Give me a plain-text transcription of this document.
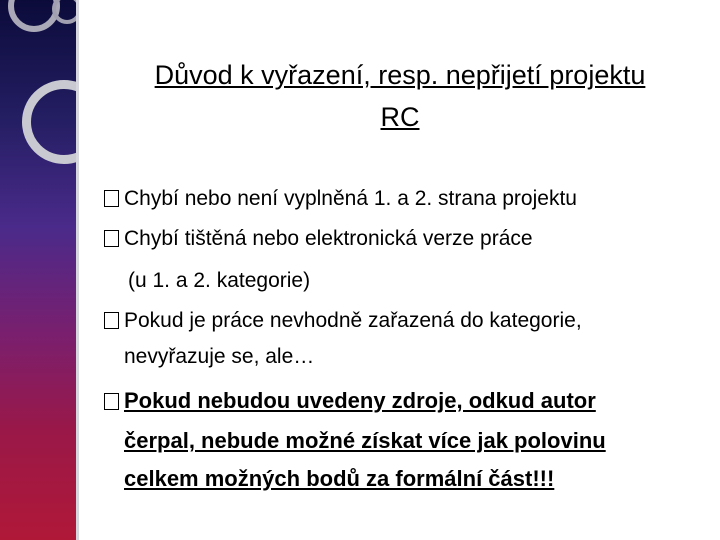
Důvod k vyřazení, resp. nepřijetí projektu
RC
Chybí nebo není vyplněná 1. a 2. strana projektu
Chybí tištěná nebo elektronická verze práce
(u 1. a 2. kategorie)
Pokud je práce nevhodně zařazená do kategorie,
nevyřazuje se, ale…
Pokud nebudou uvedeny zdroje, odkud autor
čerpal, nebude možné získat více jak polovinu
celkem možných bodů za formální část!!!
